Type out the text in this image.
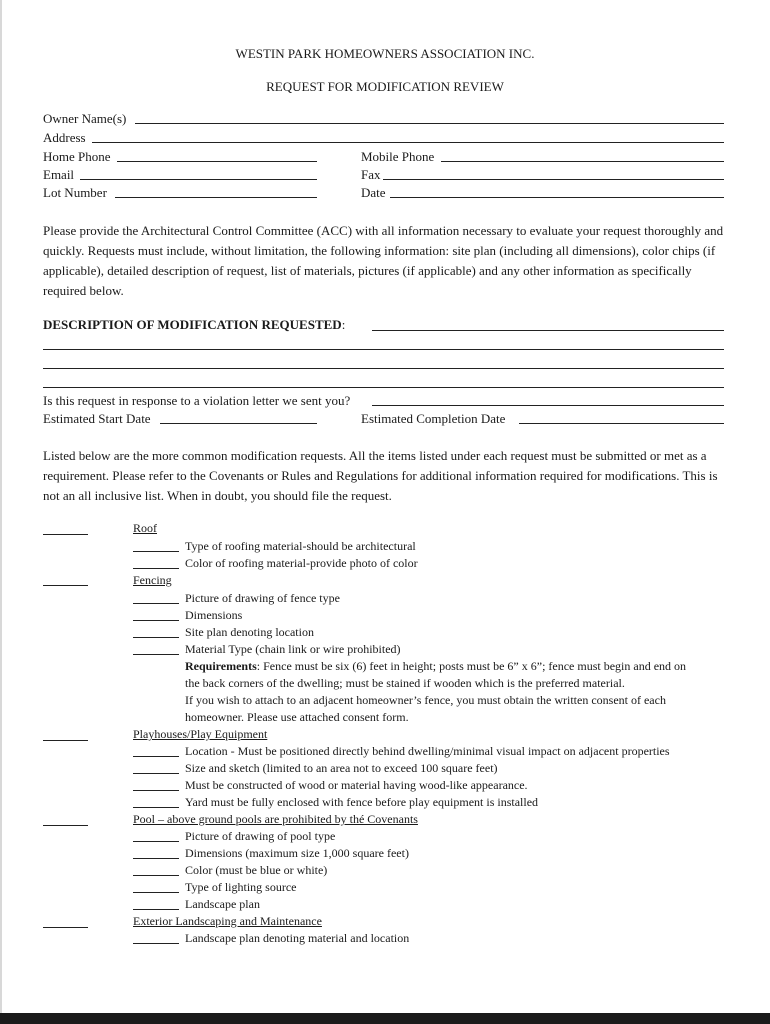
WESTIN PARK HOMEOWNERS ASSOCIATION INC.
REQUEST FOR MODIFICATION REVIEW
Owner Name(s)
Address
Home Phone	Mobile Phone
Email	Fax
Lot Number	Date
Please provide the Architectural Control Committee (ACC) with all information necessary to evaluate your request thoroughly and quickly. Requests must include, without limitation, the following information: site plan (including all dimensions), color chips (if applicable), detailed description of request, list of materials, pictures (if applicable) and any other information as specifically required below.
DESCRIPTION OF MODIFICATION REQUESTED:
Is this request in response to a violation letter we sent you?
Estimated Start Date	Estimated Completion Date
Listed below are the more common modification requests. All the items listed under each request must be submitted or met as a requirement. Please refer to the Covenants or Rules and Regulations for additional information required for modifications. This is not an all inclusive list. When in doubt, you should file the request.
Roof
Type of roofing material-should be architectural
Color of roofing material-provide photo of color
Fencing
Picture of drawing of fence type
Dimensions
Site plan denoting location
Material Type (chain link or wire prohibited)
Requirements: Fence must be six (6) feet in height; posts must be 6” x 6”; fence must begin and end on
the back corners of the dwelling; must be stained if wooden which is the preferred material.
If you wish to attach to an adjacent homeowner’s fence, you must obtain the written consent of each
homeowner. Please use attached consent form.
Playhouses/Play Equipment
Location - Must be positioned directly behind dwelling/minimal visual impact on adjacent properties
Size and sketch (limited to an area not to exceed 100 square feet)
Must be constructed of wood or material having wood-like appearance.
Yard must be fully enclosed with fence before play equipment is installed
Pool – above ground pools are prohibited by thé Covenants
Picture of drawing of pool type
Dimensions (maximum size 1,000 square feet)
Color (must be blue or white)
Type of lighting source
Landscape plan
Exterior Landscaping and Maintenance
Landscape plan denoting material and location
